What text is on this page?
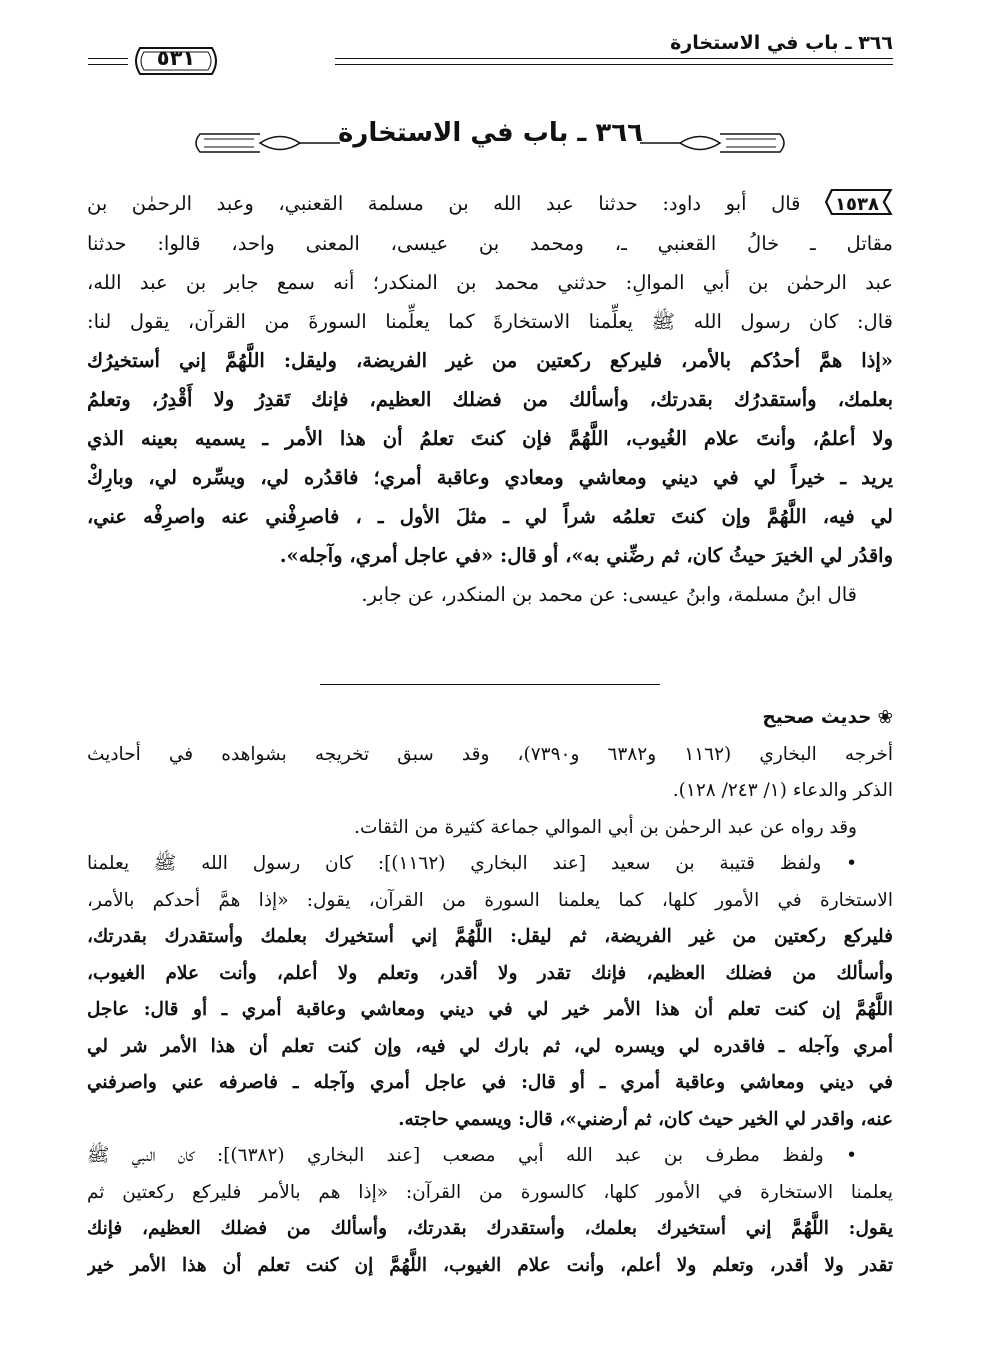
٣٦٦ ـ باب في الاستخارة
٥٣١
٣٦٦ ـ باب في الاستخارة
١٥٣٨ قال أبو داود: حدثنا عبد الله بن مسلمة القعنبي، وعبد الرحمٰن بن
مقاتل ـ خالُ القعنبي ـ، ومحمد بن عيسى، المعنى واحد، قالوا: حدثنا
عبد الرحمٰن بن أبي الموالِ: حدثني محمد بن المنكدر؛ أنه سمع جابر بن عبد الله،
قال: كان رسول الله ﷺ يعلِّمنا الاستخارةَ كما يعلِّمنا السورةَ من القرآن، يقول لنا:
«إذا همَّ أحدُكم بالأمر، فليركع ركعتين من غير الفريضة، وليقل: اللَّهُمَّ إني أستخيرُك
بعلمك، وأستقدرُك بقدرتك، وأسألك من فضلك العظيم، فإنك تَقدِرُ ولا أَقْدِرُ، وتعلمُ
ولا أعلمُ، وأنتَ علام الغُيوب، اللَّهُمَّ فإن كنتَ تعلمُ أن هذا الأمر ـ يسميه بعينه الذي
يريد ـ خيراً لي في ديني ومعاشي ومعادي وعاقبة أمري؛ فاقدُره لي، ويسِّره لي، وبارِكْ
لي فيه، اللَّهُمَّ وإن كنتَ تعلمُه شراً لي ـ مثلَ الأول ـ ، فاصرِفْني عنه واصرِفْه عني،
واقدُر لي الخيرَ حيثُ كان، ثم رضِّني به»، أو قال: «في عاجل أمري، وآجله».
قال ابنُ مسلمة، وابنُ عيسى: عن محمد بن المنكدر، عن جابر.
❀حديث صحيح
أخرجه البخاري (١١٦٢ و٦٣٨٢ و٧٣٩٠)، وقد سبق تخريجه بشواهده في أحاديث
الذكر والدعاء (١/ ٢٤٣/ ١٢٨).
وقد رواه عن عبد الرحمٰن بن أبي الموالي جماعة كثيرة من الثقات.
• ولفظ قتيبة بن سعيد [عند البخاري (١١٦٢)]: كان رسول الله ﷺ يعلمنا
الاستخارة في الأمور كلها، كما يعلمنا السورة من القرآن، يقول: «إذا همَّ أحدكم بالأمر،
فليركع ركعتين من غير الفريضة، ثم ليقل: اللَّهُمَّ إني أستخيرك بعلمك وأستقدرك بقدرتك،
وأسألك من فضلك العظيم، فإنك تقدر ولا أقدر، وتعلم ولا أعلم، وأنت علام الغيوب،
اللَّهُمَّ إن كنت تعلم أن هذا الأمر خير لي في ديني ومعاشي وعاقبة أمري ـ أو قال: عاجل
أمري وآجله ـ فاقدره لي ويسره لي، ثم بارك لي فيه، وإن كنت تعلم أن هذا الأمر شر لي
في ديني ومعاشي وعاقبة أمري ـ أو قال: في عاجل أمري وآجله ـ فاصرفه عني واصرفني
عنه، واقدر لي الخير حيث كان، ثم أرضني»، قال: ويسمي حاجته.
• ولفظ مطرف بن عبد الله أبي مصعب [عند البخاري (٦٣٨٢)]: كان النبي ﷺ
يعلمنا الاستخارة في الأمور كلها، كالسورة من القرآن: «إذا هم بالأمر فليركع ركعتين ثم
يقول: اللَّهُمَّ إني أستخيرك بعلمك، وأستقدرك بقدرتك، وأسألك من فضلك العظيم، فإنك
تقدر ولا أقدر، وتعلم ولا أعلم، وأنت علام الغيوب، اللَّهُمَّ إن كنت تعلم أن هذا الأمر خير
